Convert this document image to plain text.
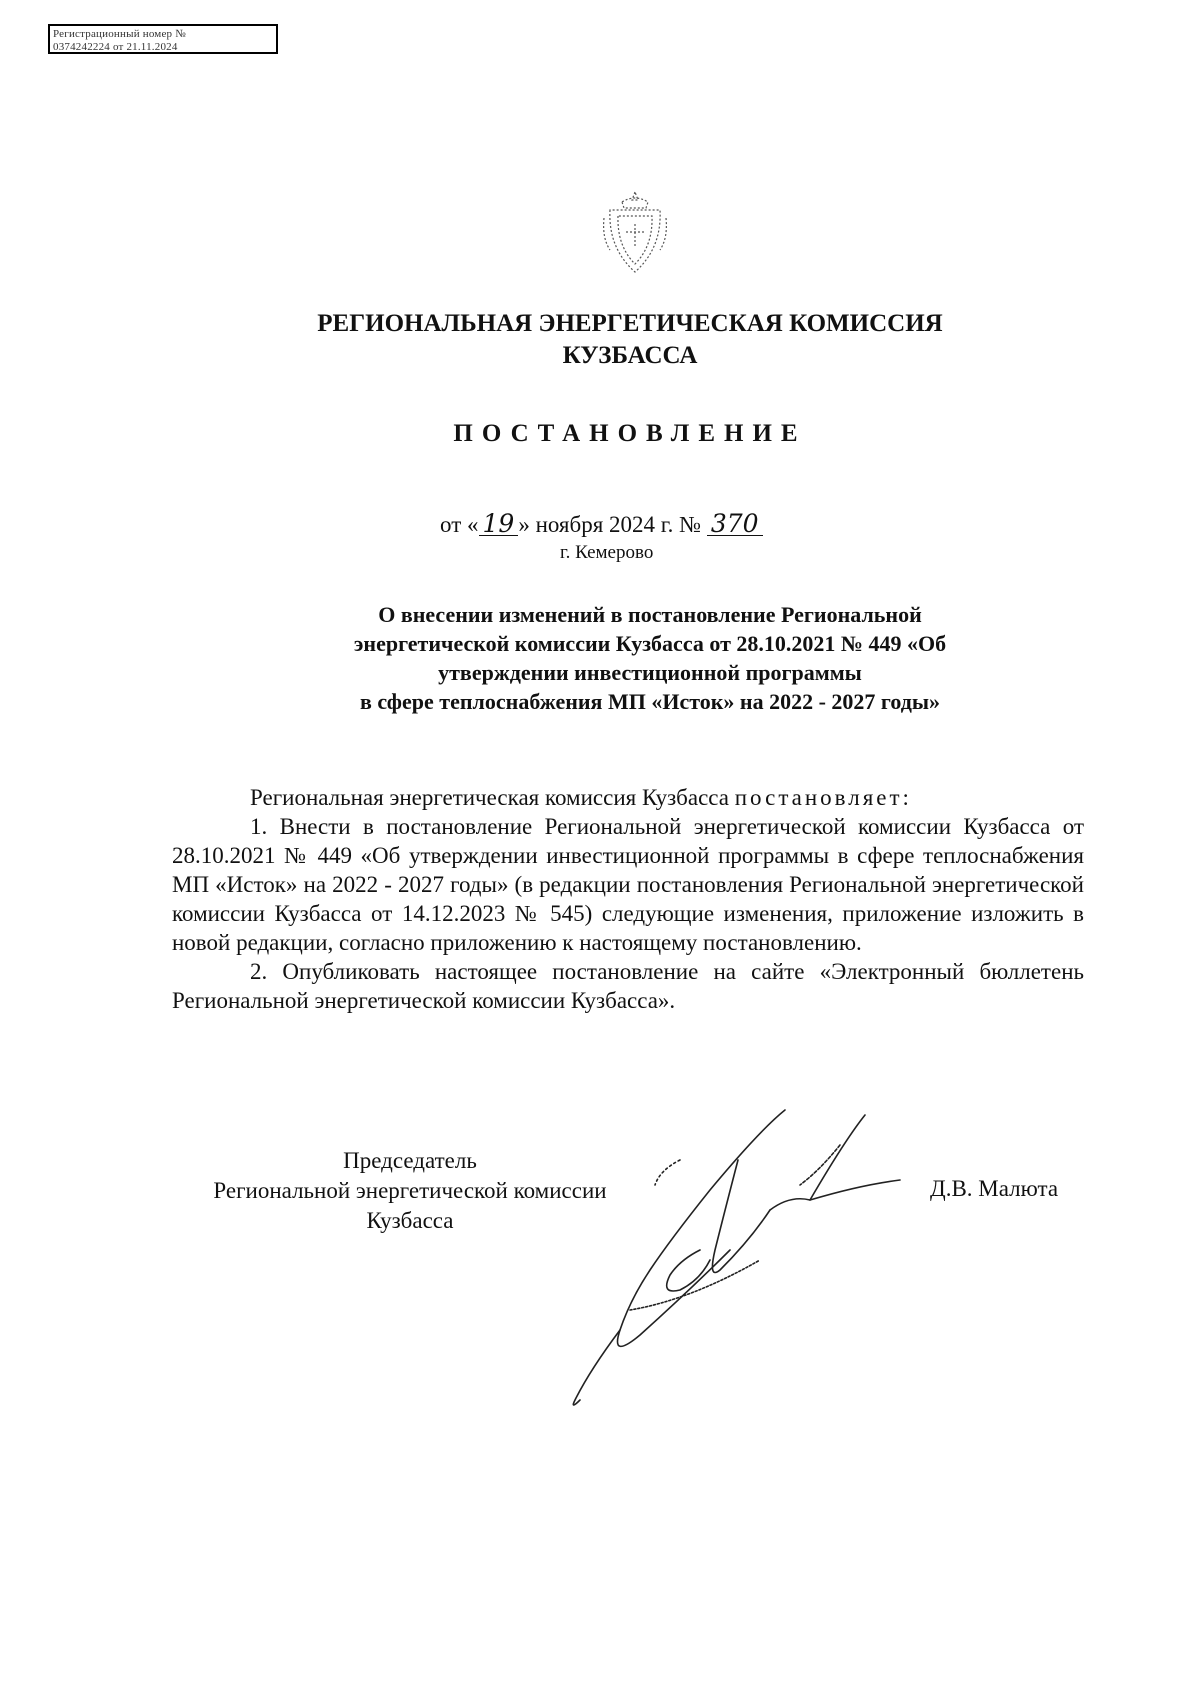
Регистрационный номер №
0374242224 от 21.11.2024
РЕГИОНАЛЬНАЯ ЭНЕРГЕТИЧЕСКАЯ КОМИССИЯ
КУЗБАССА
ПОСТАНОВЛЕНИЕ
от « 19 » ноября 2024 г. № 370
г. Кемерово
О внесении изменений в постановление Региональной
энергетической комиссии Кузбасса от 28.10.2021 № 449 «Об
утверждении инвестиционной программы
в сфере теплоснабжения МП «Исток» на 2022 - 2027 годы»

Региональная энергетическая комиссия Кузбасса постановляет:

1. Внести в постановление Региональной энергетической комиссии Кузбасса от 28.10.2021 № 449 «Об утверждении инвестиционной программы в сфере теплоснабжения МП «Исток» на 2022 - 2027 годы» (в редакции постановления Региональной энергетической комиссии Кузбасса от 14.12.2023 № 545) следующие изменения, приложение изложить в новой редакции, согласно приложению к настоящему постановлению.

2. Опубликовать настоящее постановление на сайте «Электронный бюллетень Региональной энергетической комиссии Кузбасса».

Председатель
Региональной энергетической комиссии
Кузбасса
Д.В. Малюта
